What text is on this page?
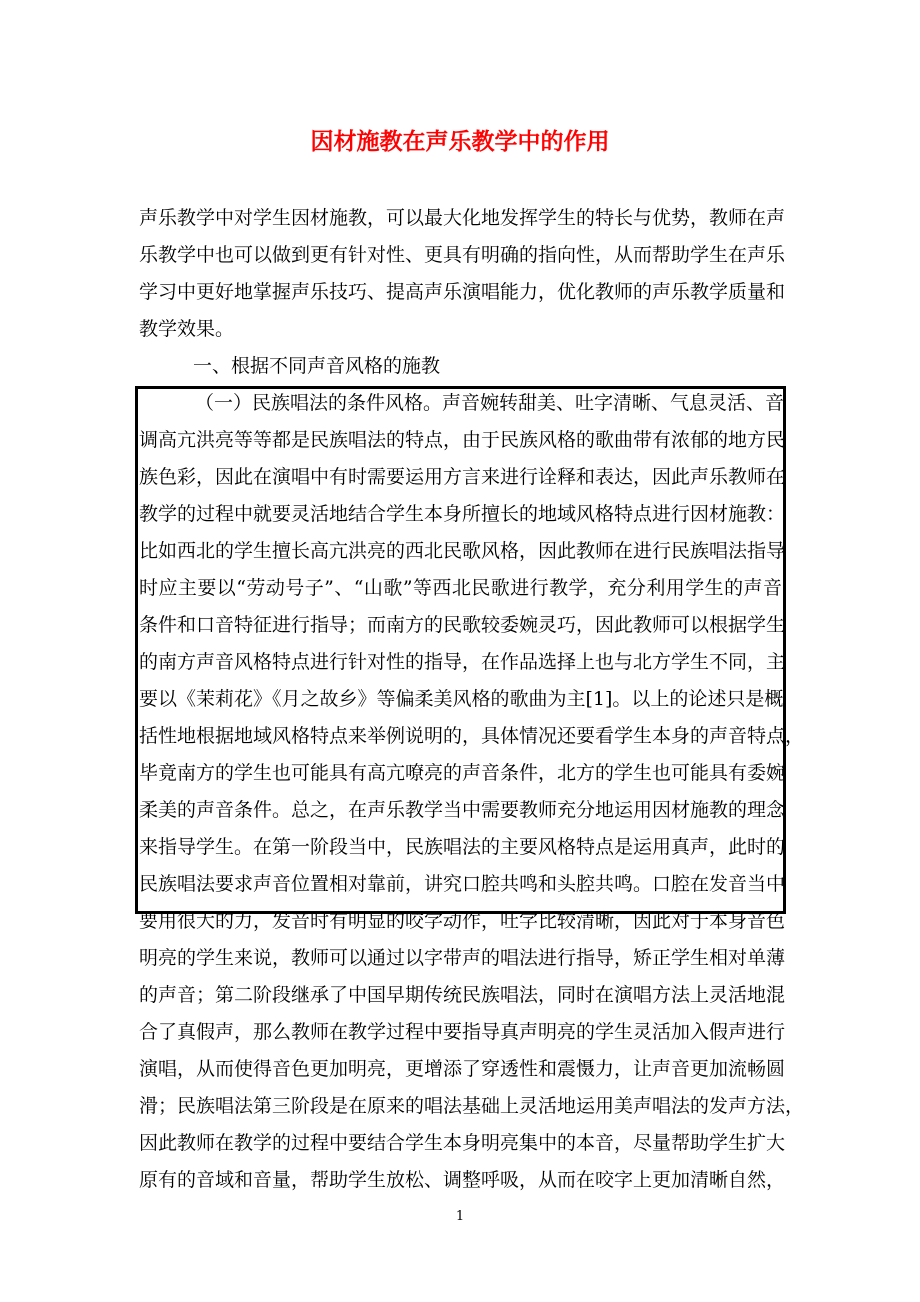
因材施教在声乐教学中的作用
声乐教学中对学生因材施教，可以最大化地发挥学生的特长与优势，教师在声
乐教学中也可以做到更有针对性、更具有明确的指向性，从而帮助学生在声乐
学习中更好地掌握声乐技巧、提高声乐演唱能力，优化教师的声乐教学质量和
教学效果。
一、根据不同声音风格的施教
（一）民族唱法的条件风格。声音婉转甜美、吐字清晰、气息灵活、音
调高亢洪亮等等都是民族唱法的特点，由于民族风格的歌曲带有浓郁的地方民
族色彩，因此在演唱中有时需要运用方言来进行诠释和表达，因此声乐教师在
教学的过程中就要灵活地结合学生本身所擅长的地域风格特点进行因材施教：
比如西北的学生擅长高亢洪亮的西北民歌风格，因此教师在进行民族唱法指导
时应主要以“劳动号子”、“山歌”等西北民歌进行教学，充分利用学生的声音
条件和口音特征进行指导；而南方的民歌较委婉灵巧，因此教师可以根据学生
的南方声音风格特点进行针对性的指导，在作品选择上也与北方学生不同，主
要以《茉莉花》《月之故乡》等偏柔美风格的歌曲为主[1]。以上的论述只是概
括性地根据地域风格特点来举例说明的，具体情况还要看学生本身的声音特点，
毕竟南方的学生也可能具有高亢嘹亮的声音条件，北方的学生也可能具有委婉
柔美的声音条件。总之，在声乐教学当中需要教师充分地运用因材施教的理念
来指导学生。在第一阶段当中，民族唱法的主要风格特点是运用真声，此时的
民族唱法要求声音位置相对靠前，讲究口腔共鸣和头腔共鸣。口腔在发音当中
要用很大的力，发音时有明显的咬字动作，吐字比较清晰，因此对于本身音色
明亮的学生来说，教师可以通过以字带声的唱法进行指导，矫正学生相对单薄
的声音；第二阶段继承了中国早期传统民族唱法，同时在演唱方法上灵活地混
合了真假声，那么教师在教学过程中要指导真声明亮的学生灵活加入假声进行
演唱，从而使得音色更加明亮，更增添了穿透性和震慑力，让声音更加流畅圆
滑；民族唱法第三阶段是在原来的唱法基础上灵活地运用美声唱法的发声方法，
因此教师在教学的过程中要结合学生本身明亮集中的本音，尽量帮助学生扩大
原有的音域和音量，帮助学生放松、调整呼吸，从而在咬字上更加清晰自然，
1
